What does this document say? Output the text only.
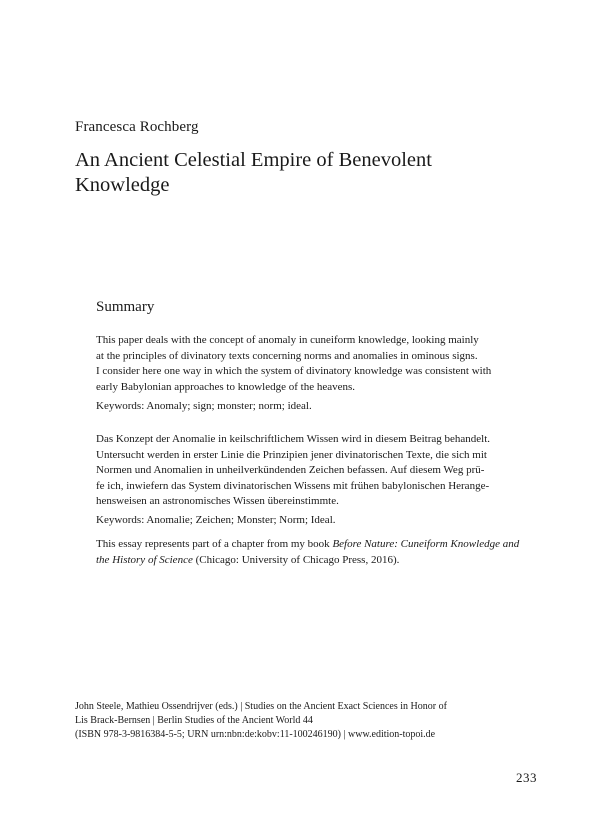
Francesca Rochberg
An Ancient Celestial Empire of Benevolent
Knowledge
Summary

This paper deals with the concept of anomaly in cuneiform knowledge, looking mainly
at the principles of divinatory texts concerning norms and anomalies in ominous signs.
I consider here one way in which the system of divinatory knowledge was consistent with
early Babylonian approaches to knowledge of the heavens.

Keywords: Anomaly; sign; monster; norm; ideal.

Das Konzept der Anomalie in keilschriftlichem Wissen wird in diesem Beitrag behandelt.
Untersucht werden in erster Linie die Prinzipien jener divinatorischen Texte, die sich mit
Normen und Anomalien in unheilverkündenden Zeichen befassen. Auf diesem Weg prü-
fe ich, inwiefern das System divinatorischen Wissens mit frühen babylonischen Herange-
hensweisen an astronomisches Wissen übereinstimmte.

Keywords: Anomalie; Zeichen; Monster; Norm; Ideal.

This essay represents part of a chapter from my book Before Nature: Cuneiform Knowledge and
the History of Science (Chicago: University of Chicago Press, 2016).

John Steele, Mathieu Ossendrijver (eds.) | Studies on the Ancient Exact Sciences in Honor of
Lis Brack-Bernsen | Berlin Studies of the Ancient World 44
(ISBN 978-3-9816384-5-5; URN urn:nbn:de:kobv:11-100246190) | www.edition-topoi.de

233
